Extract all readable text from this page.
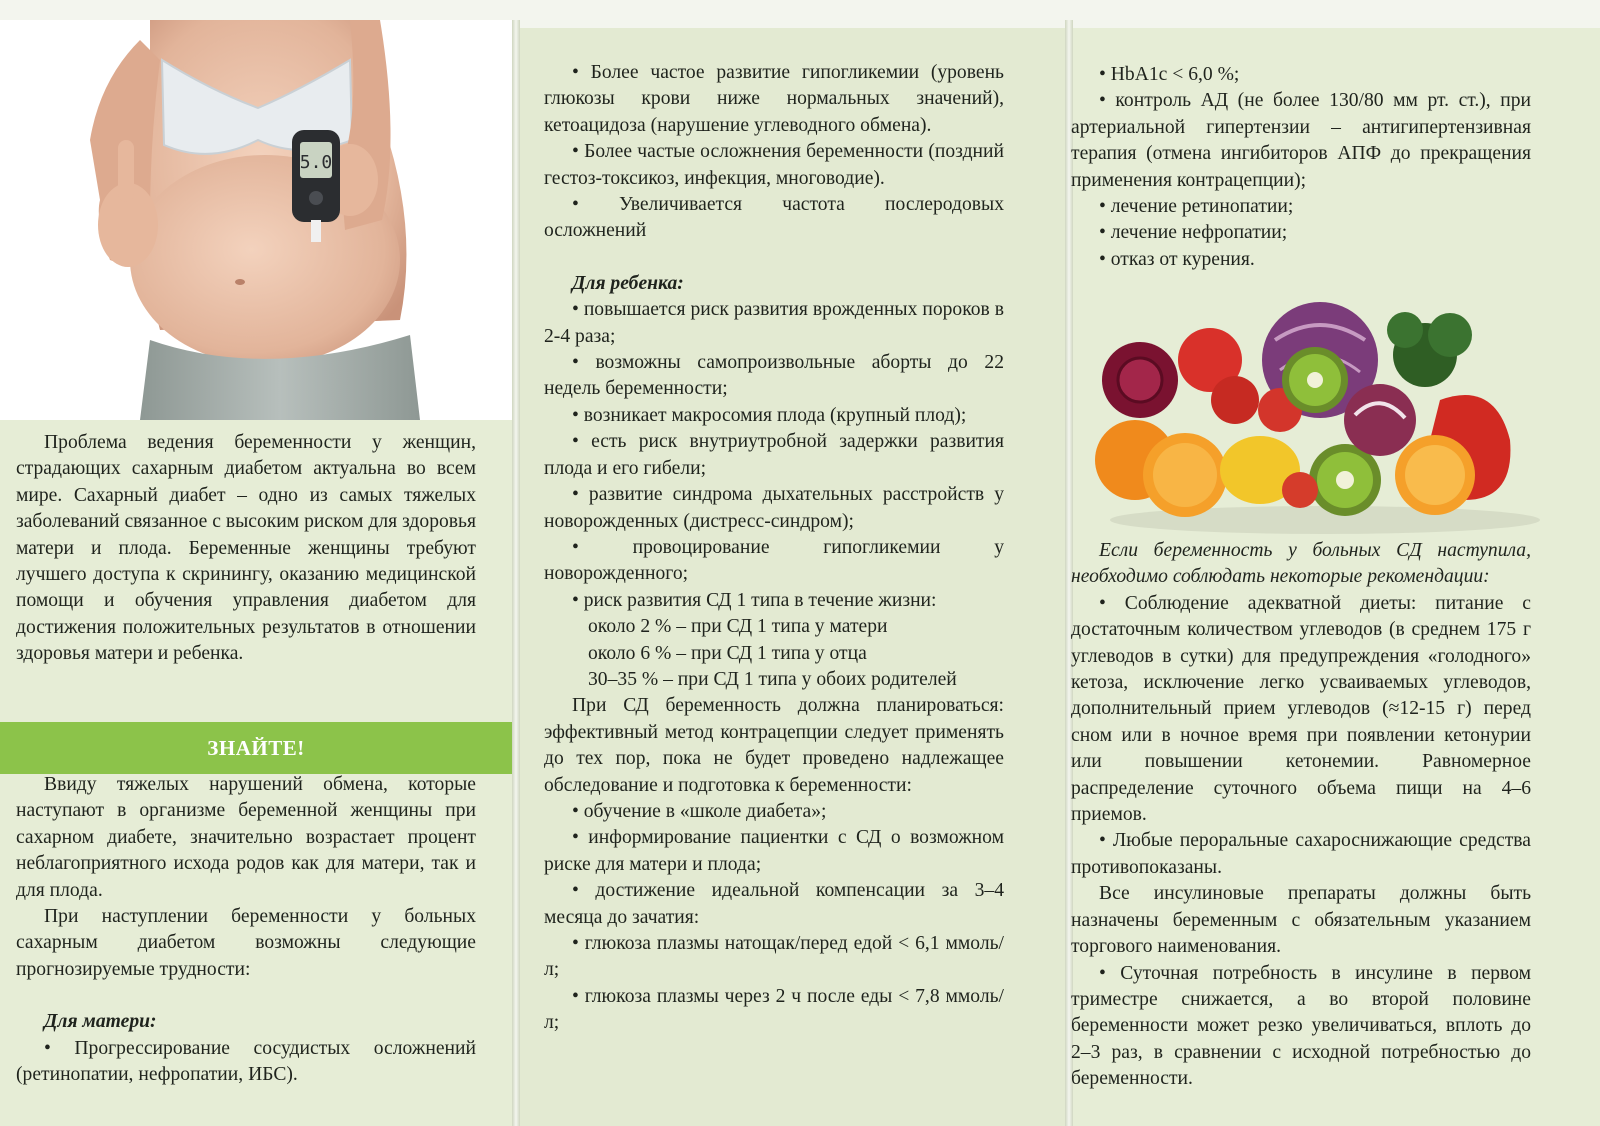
5.0

Проблема ведения беременности у женщин, страдающих сахарным диабетом актуальна во всем мире. Сахарный диабет – одно из самых тяжелых заболеваний связанное с высоким риском для здоровья матери и плода. Беременные женщины требуют лучшего доступа к скринингу, оказанию медицинской помощи и обучения управления диабетом для достижения положительных результатов в отношении здоровья матери и ребенка.

ЗНАЙТЕ!

Ввиду тяжелых нарушений обмена, которые наступают в организме беременной женщины при сахарном диабете, значительно возрастает процент неблагоприятного исхода родов как для матери, так и для плода.

При наступлении беременности у больных сахарным диабетом возможны следующие прогнозируемые трудности:

Для матери:

• Прогрессирование сосудистых осложнений (ретинопатии, нефропатии, ИБС).

• Более частое развитие гипогликемии (уровень глюкозы крови ниже нормальных значений), кетоацидоза (нарушение углеводного обмена).

• Более частые осложнения беременности (поздний гестоз-токсикоз, инфекция, многоводие).

• Увеличивается частота послеродовых осложнений

Для ребенка:

• повышается риск развития врожденных пороков в 2-4 раза;

• возможны самопроизвольные аборты до 22 недель беременности;

• возникает макросомия плода (крупный плод);

• есть риск внутриутробной задержки развития плода и его гибели;

• развитие синдрома дыхательных расстройств у новорожденных (дистресс-синдром);

• провоцирование гипогликемии у новорожденного;

• риск развития СД 1 типа в течение жизни:

около 2 % – при СД 1 типа у матери

около 6 % – при СД 1 типа у отца

30–35 % – при СД 1 типа у обоих родителей

При СД беременность должна планироваться: эффективный метод контрацепции следует применять до тех пор, пока не будет проведено надлежащее обследование и подготовка к беременности:

• обучение в «школе диабета»;

• информирование пациентки с СД о возможном риске для матери и плода;

• достижение идеальной компенсации за 3–4 месяца до зачатия:

• глюкоза плазмы натощак/перед едой < 6,1 ммоль/л;

• глюкоза плазмы через 2 ч после еды < 7,8 ммоль/л;

• HbA1c < 6,0 %;

• контроль АД (не более 130/80 мм рт. ст.), при артериальной гипертензии – антигипертензивная терапия (отмена ингибиторов АПФ до прекращения применения контрацепции);

• лечение ретинопатии;

• лечение нефропатии;

• отказ от курения.

Если беременность у больных СД наступила, необходимо соблюдать некоторые рекомендации:

• Соблюдение адекватной диеты: питание с достаточным количеством углеводов (в среднем 175 г углеводов в сутки) для предупреждения «голодного» кетоза, исключение легко усваиваемых углеводов, дополнительный прием углеводов (≈12-15 г) перед сном или в ночное время при появлении кетонурии или повышении кетонемии. Равномерное распределение суточного объема пищи на 4–6 приемов.

• Любые пероральные сахароснижающие средства противопоказаны.

Все инсулиновые препараты должны быть назначены беременным с обязательным указанием торгового наименования.

• Суточная потребность в инсулине в первом триместре снижается, а во второй половине беременности может резко увеличиваться, вплоть до 2–3 раз, в сравнении с исходной потребностью до беременности.
